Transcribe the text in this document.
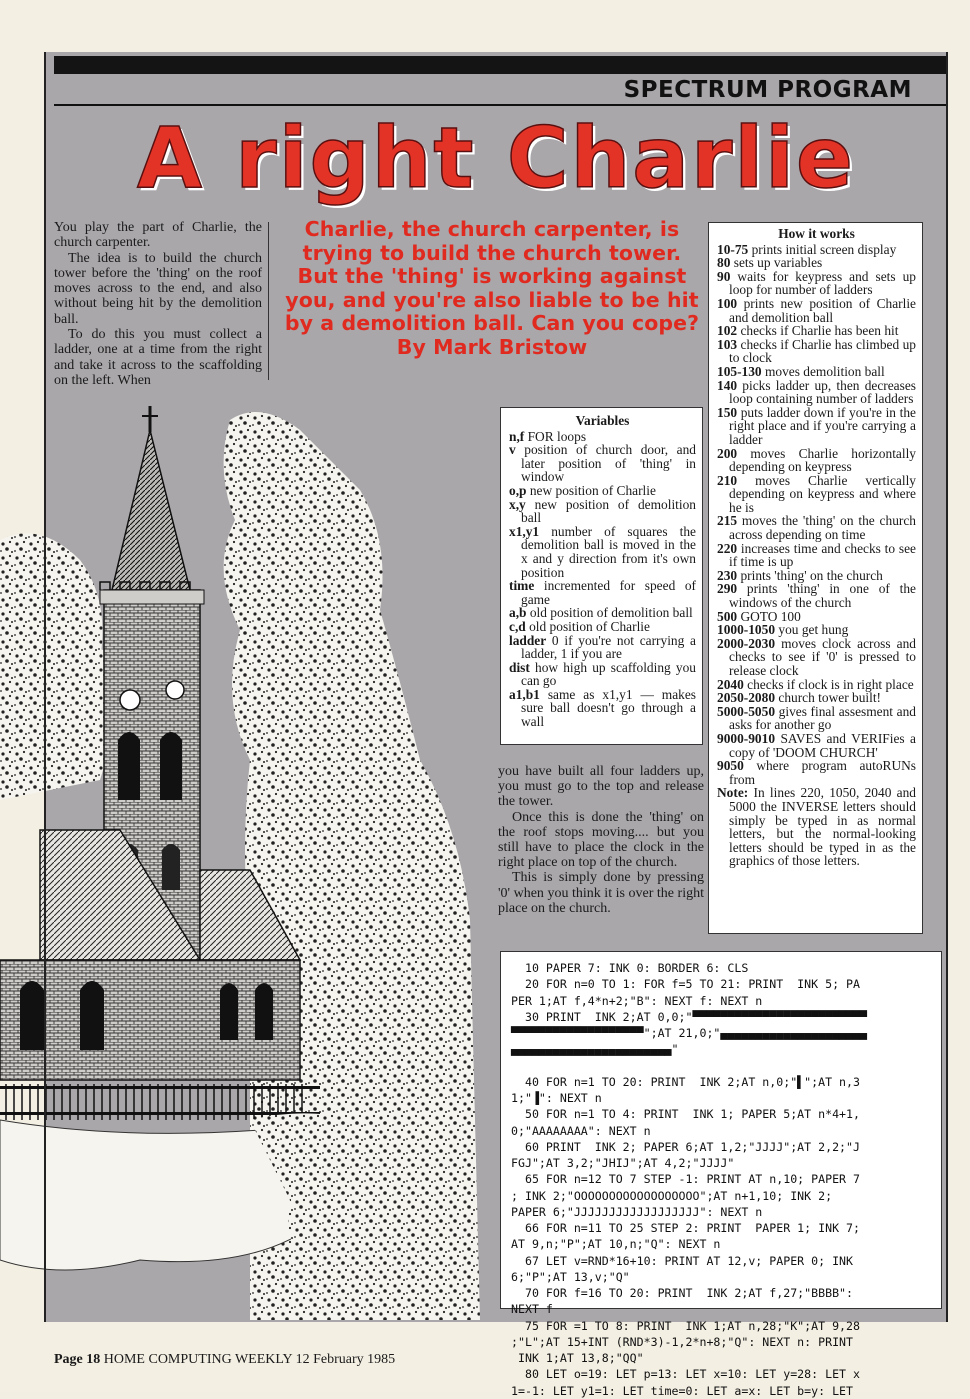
SPECTRUM PROGRAM
A right Charlie

You play the part of Charlie, the church carpenter.

The idea is to build the church tower before the 'thing' on the roof moves across to the end, and also without being hit by the demolition ball.

To do this you must collect a ladder, one at a time from the right and take it across to the scaffolding on the left. When

Charlie, the church carpenter, is trying to build the church tower. But the 'thing' is working against you, and you're also liable to be hit by a demolition ball. Can you cope?
By Mark Bristow
Variables

n,f FOR loops

v position of church door, and later position of 'thing' in window

o,p new position of Charlie

x,y new position of demolition ball

x1,y1 number of squares the demolition ball is moved in the x and y direction from it's own position

time incremented for speed of game

a,b old position of demolition ball

c,d old position of Charlie

ladder 0 if you're not carrying a ladder, 1 if you are

dist how high up scaffolding you can go

a1,b1 same as x1,y1 — makes sure ball doesn't go through a wall

How it works

10-75 prints initial screen display

80 sets up variables

90 waits for keypress and sets up loop for number of ladders

100 prints new position of Charlie and demolition ball

102 checks if Charlie has been hit

103 checks if Charlie has climbed up to clock

105-130 moves demolition ball

140 picks ladder up, then decreases loop containing number of ladders

150 puts ladder down if you're in the right place and if you're carrying a ladder

200 moves Charlie horizontally depending on keypress

210 moves Charlie vertically depending on keypress and where he is

215 moves the 'thing' on the church across depending on time

220 increases time and checks to see if time is up

230 prints 'thing' on the church

290 prints 'thing' in one of the windows of the church

500 GOTO 100

1000-1050 you get hung

2000-2030 moves clock across and checks to see if '0' is pressed to release clock

2040 checks if clock is in right place

2050-2080 church tower built!

5000-5050 gives final assesment and asks for another go

9000-9010 SAVES and VERIFies a copy of 'DOOM CHURCH'

9050 where program autoRUNs from

Note: In lines 220, 1050, 2040 and 5000 the INVERSE letters should simply be typed in as normal letters, but the normal-looking letters should be typed in as the graphics of those letters.

you have built all four ladders up, you must go to the top and release the tower.

Once this is done the 'thing' on the roof stops moving.... but you still have to place the clock in the right place on top of the church.

This is simply done by pressing '0' when you think it is over the right place on the church.

10 PAPER 7: INK 0: BORDER 6: CLS
20 FOR n=0 TO 1: FOR f=5 TO 21: PRINT  INK 5; PA
PER 1;AT f,4*n+2;"B": NEXT f: NEXT n
30 PRINT  INK 2;AT 0,0;"▀▀▀▀▀▀▀▀▀▀▀▀▀▀▀▀▀▀▀▀▀▀▀▀▀
▀▀▀▀▀▀▀▀▀▀▀▀▀▀▀▀▀▀▀";AT 21,0;"▄▄▄▄▄▄▄▄▄▄▄▄▄▄▄▄▄▄▄▄▄
▄▄▄▄▄▄▄▄▄▄▄▄▄▄▄▄▄▄▄▄▄▄▄"

40 FOR n=1 TO 20: PRINT  INK 2;AT n,0;"▌";AT n,3
1;"▐": NEXT n
50 FOR n=1 TO 4: PRINT  INK 1; PAPER 5;AT n*4+1,
0;"AAAAAAAA": NEXT n
60 PRINT  INK 2; PAPER 6;AT 1,2;"JJJJ";AT 2,2;"J
FGJ";AT 3,2;"JHIJ";AT 4,2;"JJJJ"
65 FOR n=12 TO 7 STEP -1: PRINT AT n,10; PAPER 7
; INK 2;"OOOOOOOOOOOOOOOOOO";AT n+1,10; INK 2;
PAPER 6;"JJJJJJJJJJJJJJJJJJ": NEXT n
66 FOR n=11 TO 25 STEP 2: PRINT  PAPER 1; INK 7;
AT 9,n;"P";AT 10,n;"Q": NEXT n
67 LET v=RND*16+10: PRINT AT 12,v; PAPER 0; INK
6;"P";AT 13,v;"Q"
70 FOR f=16 TO 20: PRINT  INK 2;AT f,27;"BBBB":
NEXT f
75 FOR =1 TO 8: PRINT  INK 1;AT n,28;"K";AT 9,28
;"L";AT 15+INT (RND*3)-1,2*n+8;"Q": NEXT n: PRINT
INK 1;AT 13,8;"QQ"
80 LET o=19: LET p=13: LET x=10: LET y=28: LET x
1=-1: LET y1=1: LET time=0: LET a=x: LET b=y: LET
Page 18 HOME COMPUTING WEEKLY 12 February 1985
